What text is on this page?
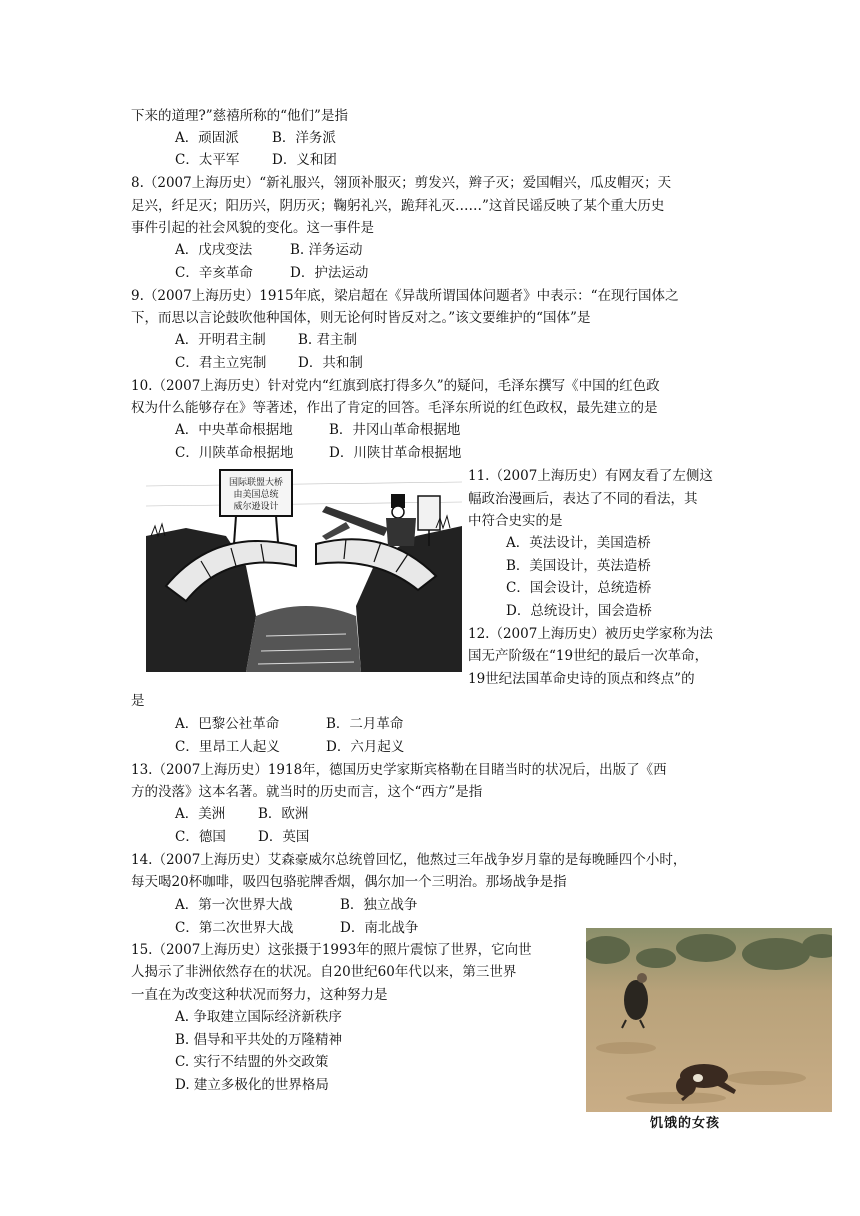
下来的道理?”慈禧所称的“他们”是指
A．顽固派 B．洋务派
C．太平军 D．义和团
8.（2007上海历史）“新礼服兴，翎顶补服灭；剪发兴，辫子灭；爱国帽兴，瓜皮帽灭；天
足兴，纤足灭；阳历兴，阴历灭；鞠躬礼兴，跪拜礼灭……”这首民谣反映了某个重大历史
事件引起的社会风貌的变化。这一事件是
A．戊戌变法	B. 洋务运动
C．辛亥革命	D．护法运动
9.（2007上海历史）1915年底，梁启超在《异哉所谓国体问题者》中表示：“在现行国体之
下，而思以言论鼓吹他种国体，则无论何时皆反对之。”该文要维护的“国体”是
A．开明君主制 B. 君主制
C．君主立宪制 D．共和制
10.（2007上海历史）针对党内“红旗到底打得多久”的疑问，毛泽东撰写《中国的红色政
权为什么能够存在》等著述，作出了肯定的回答。毛泽东所说的红色政权，最先建立的是
A．中央革命根据地	B．井冈山革命根据地
C．川陕革命根据地	D．川陕甘革命根据地
国际联盟大桥
由美国总统
威尔逊设计
11.（2007上海历史）有网友看了左侧这
幅政治漫画后，表达了不同的看法，其
中符合史实的是
A．英法设计，美国造桥
B．美国设计，英法造桥
C．国会设计，总统造桥
D．总统设计，国会造桥
12.（2007上海历史）被历史学家称为法
国无产阶级在“19世纪的最后一次革命，
19世纪法国革命史诗的顶点和终点”的
是
A．巴黎公社革命	B．二月革命
C．里昂工人起义	D．六月起义
13.（2007上海历史）1918年，德国历史学家斯宾格勒在目睹当时的状况后，出版了《西
方的没落》这本名著。就当时的历史而言，这个“西方”是指
A．美洲 B．欧洲
C．德国 D．英国
14.（2007上海历史）艾森豪威尔总统曾回忆，他熬过三年战争岁月靠的是每晚睡四个小时，
每天喝20杯咖啡，吸四包骆驼牌香烟，偶尔加一个三明治。那场战争是指
A．第一次世界大战	B．独立战争
C．第二次世界大战	D．南北战争
15.（2007上海历史）这张摄于1993年的照片震惊了世界，它向世
人揭示了非洲依然存在的状况。自20世纪60年代以来，第三世界
一直在为改变这种状况而努力，这种努力是
A. 争取建立国际经济新秩序
B. 倡导和平共处的万隆精神
C. 实行不结盟的外交政策
D. 建立多极化的世界格局
饥饿的女孩
